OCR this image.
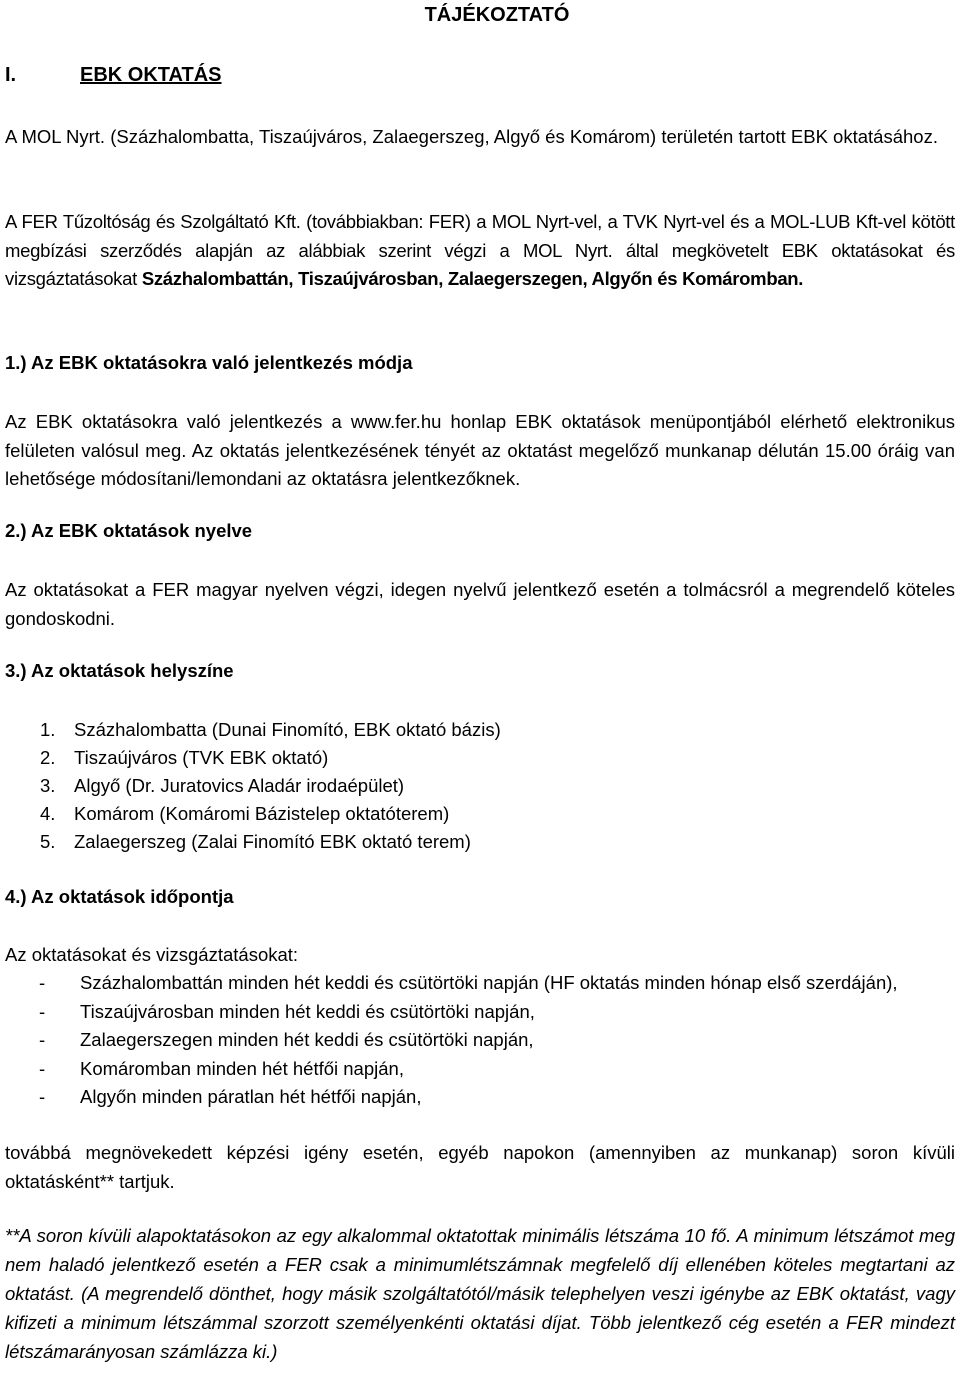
TÁJÉKOZTATÓ
I.	EBK OKTATÁS
A MOL Nyrt. (Százhalombatta, Tiszaújváros, Zalaegerszeg, Algyő és Komárom) területén tartott EBK oktatásához.
A FER Tűzoltóság és Szolgáltató Kft. (továbbiakban: FER) a MOL Nyrt-vel, a TVK Nyrt-vel és a MOL-LUB Kft-vel kötött megbízási szerződés alapján az alábbiak szerint végzi a MOL Nyrt. által megkövetelt EBK oktatásokat és vizsgáztatásokat Százhalombattán, Tiszaújvárosban, Zalaegerszegen, Algyőn és Komáromban.
1.) Az EBK oktatásokra való jelentkezés módja
Az EBK oktatásokra való jelentkezés a www.fer.hu honlap EBK oktatások menüpontjából elérhető elektronikus felületen valósul meg. Az oktatás jelentkezésének tényét az oktatást megelőző munkanap délután 15.00 óráig van lehetősége módosítani/lemondani az oktatásra jelentkezőknek.
2.) Az EBK oktatások nyelve
Az oktatásokat a FER magyar nyelven végzi, idegen nyelvű jelentkező esetén a tolmácsról a megrendelő köteles gondoskodni.
3.) Az oktatások helyszíne
1. Százhalombatta (Dunai Finomító, EBK oktató bázis)
2. Tiszaújváros (TVK EBK oktató)
3. Algyő (Dr. Juratovics Aladár irodaépület)
4. Komárom (Komáromi Bázistelep oktatóterem)
5. Zalaegerszeg (Zalai Finomító EBK oktató terem)
4.) Az oktatások időpontja
Az oktatásokat és vizsgáztatásokat:
- Százhalombattán minden hét keddi és csütörtöki napján (HF oktatás minden hónap első szerdáján),
- Tiszaújvárosban minden hét keddi és csütörtöki napján,
- Zalaegerszegen minden hét keddi és csütörtöki napján,
- Komáromban minden hét hétfői napján,
- Algyőn minden páratlan hét hétfői napján,
továbbá megnövekedett képzési igény esetén, egyéb napokon (amennyiben az munkanap) soron kívüli oktatásként** tartjuk.
**A soron kívüli alapoktatásokon az egy alkalommal oktatottak minimális létszáma 10 fő. A minimum létszámot meg nem haladó jelentkező esetén a FER csak a minimumlétszámnak megfelelő díj ellenében köteles megtartani az oktatást. (A megrendelő dönthet, hogy másik szolgáltatótól/másik telephelyen veszi igénybe az EBK oktatást, vagy kifizeti a minimum létszámmal szorzott személyenkénti oktatási díjat. Több jelentkező cég esetén a FER mindezt létszámarányosan számlázza ki.)
